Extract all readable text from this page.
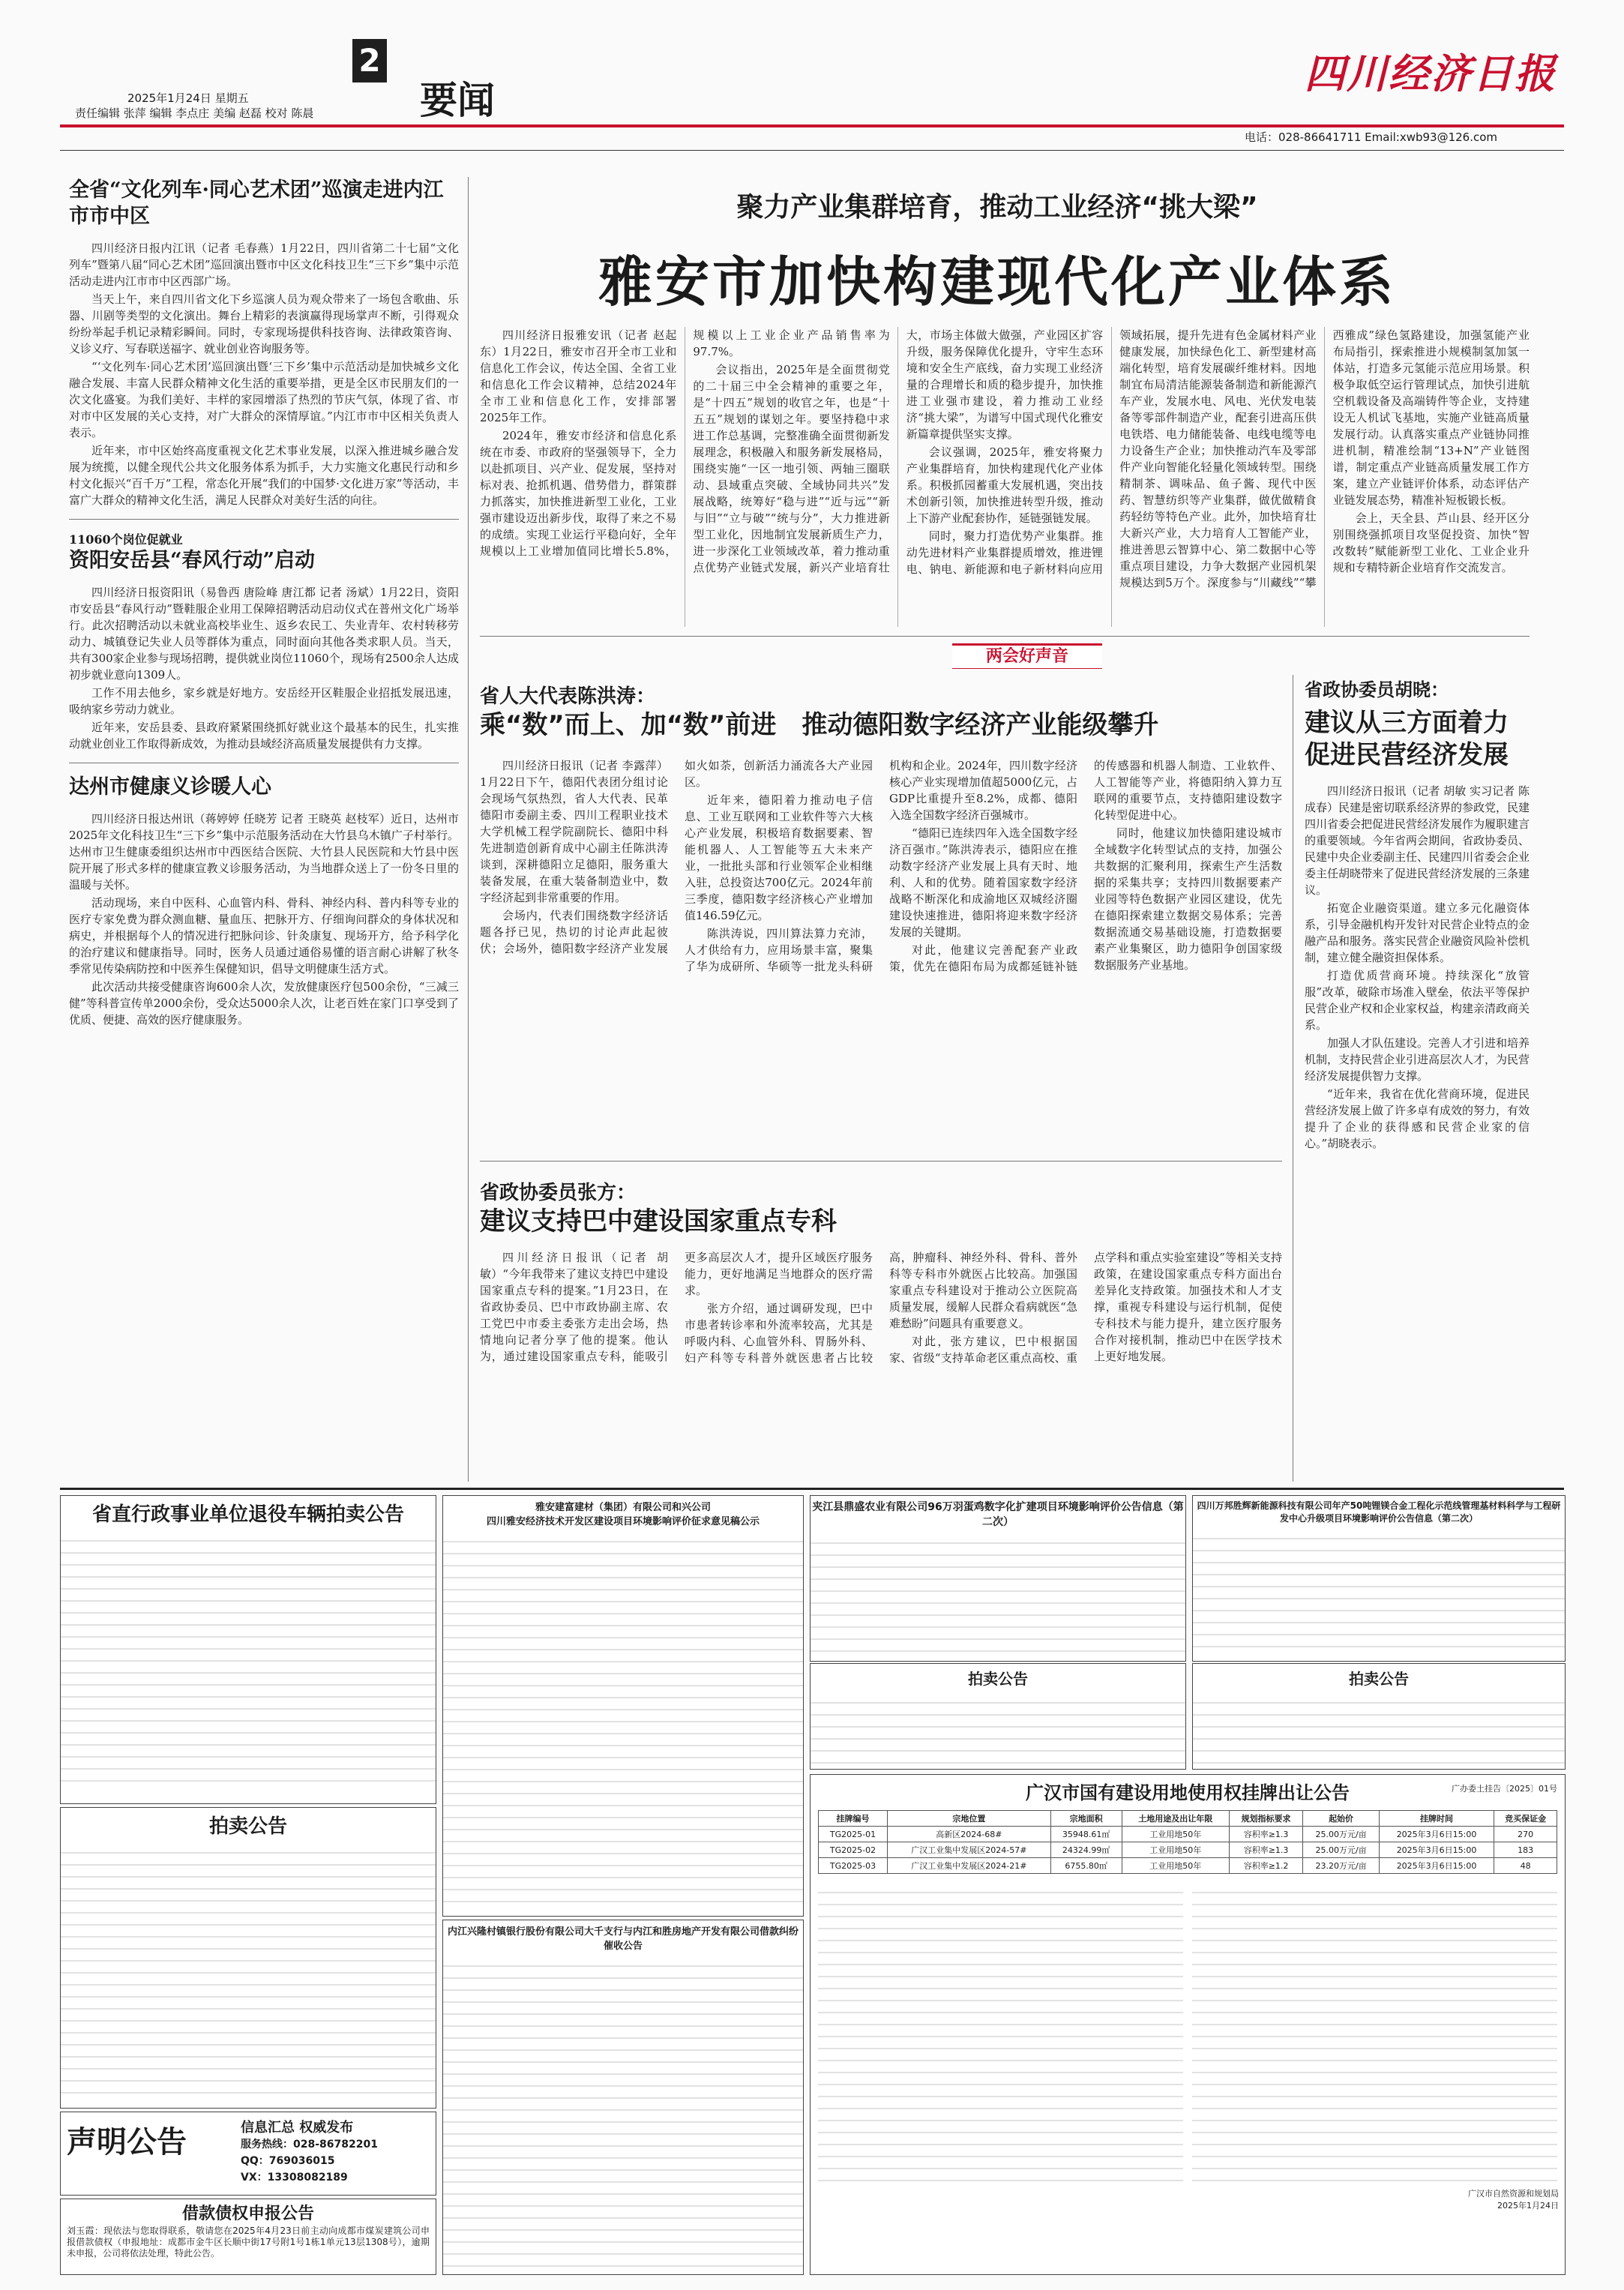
2
2025年1月24日 星期五
责任编辑 张萍 编辑 李点庄 美编 赵磊 校对 陈晨	要闻
四川经济日报
电话：028-86641711 Email:xwb93@126.com
全省“文化列车·同心艺术团”巡演走进内江市市中区

四川经济日报内江讯（记者 毛春燕）1月22日，四川省第二十七届“文化列车”暨第八届“同心艺术团”巡回演出暨市中区文化科技卫生“三下乡”集中示范活动走进内江市市中区西部广场。

当天上午，来自四川省文化下乡巡演人员为观众带来了一场包含歌曲、乐器、川剧等类型的文化演出。舞台上精彩的表演赢得现场掌声不断，引得观众纷纷举起手机记录精彩瞬间。同时，专家现场提供科技咨询、法律政策咨询、义诊义疗、写春联送福字、就业创业咨询服务等。

“‘文化列车·同心艺术团’巡回演出暨‘三下乡’集中示范活动是加快城乡文化融合发展、丰富人民群众精神文化生活的重要举措，更是全区市民朋友们的一次文化盛宴。为我们美好、丰样的家园增添了热烈的节庆气氛，体现了省、市对市中区发展的关心支持，对广大群众的深情厚谊。”内江市市中区相关负责人表示。

近年来，市中区始终高度重视文化艺术事业发展，以深入推进城乡融合发展为统揽，以健全现代公共文化服务体系为抓手，大力实施文化惠民行动和乡村文化振兴“百千万”工程，常态化开展“我们的中国梦·文化进万家”等活动，丰富广大群众的精神文化生活，满足人民群众对美好生活的向往。

11060个岗位促就业
资阳安岳县“春风行动”启动

四川经济日报资阳讯（易鲁西 唐险峰 唐江都 记者 汤斌）1月22日，资阳市安岳县“春风行动”暨鞋服企业用工保障招聘活动启动仪式在普州文化广场举行。此次招聘活动以未就业高校毕业生、返乡农民工、失业青年、农村转移劳动力、城镇登记失业人员等群体为重点，同时面向其他各类求职人员。当天，共有300家企业参与现场招聘，提供就业岗位11060个，现场有2500余人达成初步就业意向1309人。

工作不用去他乡，家乡就是好地方。安岳经开区鞋服企业招抵发展迅速，吸纳家乡劳动力就业。

近年来，安岳县委、县政府紧紧围绕抓好就业这个最基本的民生，扎实推动就业创业工作取得新成效，为推动县域经济高质量发展提供有力支撑。

达州市健康义诊暖人心

四川经济日报达州讯（蒋婷婷 任晓芳 记者 王晓英 赵枝军）近日，达州市2025年文化科技卫生“三下乡”集中示范服务活动在大竹县乌木镇广子村举行。达州市卫生健康委组织达州市中西医结合医院、大竹县人民医院和大竹县中医院开展了形式多样的健康宣教义诊服务活动，为当地群众送上了一份冬日里的温暖与关怀。

活动现场，来自中医科、心血管内科、骨科、神经内科、普内科等专业的医疗专家免费为群众测血糖、量血压、把脉开方、仔细询问群众的身体状况和病史，并根据每个人的情况进行把脉问诊、针灸康复、现场开方，给予科学化的治疗建议和健康指导。同时，医务人员通过通俗易懂的语言耐心讲解了秋冬季常见传染病防控和中医养生保健知识，倡导文明健康生活方式。

此次活动共接受健康咨询600余人次，发放健康医疗包500余份，“三减三健”等科普宣传单2000余份，受众达5000余人次，让老百姓在家门口享受到了优质、便捷、高效的医疗健康服务。

聚力产业集群培育，推动工业经济“挑大梁”
雅安市加快构建现代化产业体系

四川经济日报雅安讯（记者 赵起东）1月22日，雅安市召开全市工业和信息化工作会议，传达全国、全省工业和信息化工作会议精神，总结2024年全市工业和信息化工作，安排部署2025年工作。

2024年，雅安市经济和信息化系统在市委、市政府的坚强领导下，全力以赴抓项目、兴产业、促发展，坚持对标对表、抢抓机遇、借势借力，群策群力抓落实，加快推进新型工业化，工业强市建设迈出新步伐，取得了来之不易的成绩。实现工业运行平稳向好，全年规模以上工业增加值同比增长5.8%，规模以上工业企业产品销售率为97.7%。

会议指出，2025年是全面贯彻党的二十届三中全会精神的重要之年，是“十四五”规划的收官之年，也是“十五五”规划的谋划之年。要坚持稳中求进工作总基调，完整准确全面贯彻新发展理念，积极融入和服务新发展格局，围绕实施“一区一地引领、两轴三圈联动、县域重点突破、全域协同共兴”发展战略，统筹好“稳与进”“近与远”“新与旧”“立与破”“统与分”，大力推进新型工业化，因地制宜发展新质生产力，进一步深化工业领域改革，着力推动重点优势产业链式发展，新兴产业培育壮大，市场主体做大做强，产业园区扩容升级，服务保障优化提升，守牢生态环境和安全生产底线，奋力实现工业经济量的合理增长和质的稳步提升，加快推进工业强市建设，着力推动工业经济“挑大梁”，为谱写中国式现代化雅安新篇章提供坚实支撑。

会议强调，2025年，雅安将聚力产业集群培育，加快构建现代化产业体系。积极抓园蓄重大发展机遇，突出技术创新引领，加快推进转型升级，推动上下游产业配套协作，延链强链发展。

同时，聚力打造优势产业集群。推动先进材料产业集群提质增效，推进锂电、钠电、新能源和电子新材料向应用领域拓展，提升先进有色金属材料产业健康发展，加快绿色化工、新型建材高端化转型，培育发展碳纤维材料。因地制宜布局清洁能源装备制造和新能源汽车产业，发展水电、风电、光伏发电装备等零部件制造产业，配套引进高压供电铁塔、电力储能装备、电线电缆等电力设备生产企业；加快推动汽车及零部件产业向智能化轻量化领域转型。围绕精制茶、调味品、鱼子酱、现代中医药、智慧纺织等产业集群，做优做精食药轻纺等特色产业。此外，加快培育壮大新兴产业，大力培育人工智能产业，推进善思云智算中心、第二数据中心等重点项目建设，力争大数据产业园机架规模达到5万个。深度参与“川藏线”“攀西雅成”绿色氢路建设，加强氢能产业布局指引，探索推进小规模制氢加氢一体站，打造多元氢能示范应用场景。积极争取低空运行管理试点，加快引进航空机载设备及高端铸件等企业，支持建设无人机试飞基地，实施产业链高质量发展行动。认真落实重点产业链协同推进机制，精准绘制“13+N”产业链图谱，制定重点产业链高质量发展工作方案，建立产业链评价体系，动态评估产业链发展态势，精准补短板锻长板。

会上，天全县、芦山县、经开区分别围绕强抓项目攻坚促投资、加快“智改数转”赋能新型工业化、工业企业升规和专精特新企业培育作交流发言。

两会好声音
省人大代表陈洪涛：
乘“数”而上、加“数”前进　推动德阳数字经济产业能级攀升

四川经济日报讯（记者 李露萍）1月22日下午，德阳代表团分组讨论会现场气氛热烈，省人大代表、民革德阳市委副主委、四川工程职业技术大学机械工程学院副院长、德阳中科先进制造创新育成中心副主任陈洪涛谈到，深耕德阳立足德阳，服务重大装备发展，在重大装备制造业中，数字经济起到非常重要的作用。

会场内，代表们围绕数字经济话题各抒已见，热切的讨论声此起彼伏；会场外，德阳数字经济产业发展如火如荼，创新活力涌流各大产业园区。

近年来，德阳着力推动电子信息、工业互联网和工业软件等六大核心产业发展，积极培育数据要素、智能机器人、人工智能等五大未来产业，一批批头部和行业领军企业相继入驻，总投资达700亿元。2024年前三季度，德阳数字经济核心产业增加值146.59亿元。

陈洪涛说，四川算法算力充沛，人才供给有力，应用场景丰富，聚集了华为成研所、华硕等一批龙头科研机构和企业。2024年，四川数字经济核心产业实现增加值超5000亿元，占GDP比重提升至8.2%，成都、德阳入选全国数字经济百强城市。

“德阳已连续四年入选全国数字经济百强市。”陈洪涛表示，德阳应在推动数字经济产业发展上具有天时、地利、人和的优势。随着国家数字经济战略不断深化和成渝地区双城经济圈建设快速推进，德阳将迎来数字经济发展的关键期。

对此，他建议完善配套产业政策，优先在德阳布局为成都延链补链的传感器和机器人制造、工业软件、人工智能等产业，将德阳纳入算力互联网的重要节点，支持德阳建设数字化转型促进中心。

同时，他建议加快德阳建设城市全域数字化转型试点的支持，加强公共数据的汇聚利用，探索生产生活数据的采集共享；支持四川数据要素产业园等特色数据产业园区建设，优先在德阳探索建立数据交易体系；完善数据流通交易基础设施，打造数据要素产业集聚区，助力德阳争创国家级数据服务产业基地。

省政协委员张方：
建议支持巴中建设国家重点专科

四川经济日报讯（记者 胡敏）“今年我带来了建议支持巴中建设国家重点专科的提案。”1月23日，在省政协委员、巴中市政协副主席、农工党巴中市委主委张方走出会场，热情地向记者分享了他的提案。他认为，通过建设国家重点专科，能吸引更多高层次人才，提升区域医疗服务能力，更好地满足当地群众的医疗需求。

张方介绍，通过调研发现，巴中市患者转诊率和外流率较高，尤其是呼吸内科、心血管外科、胃肠外科、妇产科等专科普外就医患者占比较高，肿瘤科、神经外科、骨科、普外科等专科市外就医占比较高。加强国家重点专科建设对于推动公立医院高质量发展，缓解人民群众看病就医“急难愁盼”问题具有重要意义。

对此，张方建议，巴中根据国家、省级“支持革命老区重点高校、重点学科和重点实验室建设”等相关支持政策，在建设国家重点专科方面出台差异化支持政策。加强技术和人才支撑，重视专科建设与运行机制，促使专科技术与能力提升，建立医疗服务合作对接机制，推动巴中在医学技术上更好地发展。

省政协委员胡晓：
建议从三方面着力促进民营经济发展

四川经济日报讯（记者 胡敏 实习记者 陈成春）民建是密切联系经济界的参政党，民建四川省委会把促进民营经济发展作为履职建言的重要领域。今年省两会期间，省政协委员、民建中央企业委副主任、民建四川省委会企业委主任胡晓带来了促进民营经济发展的三条建议。

拓宽企业融资渠道。建立多元化融资体系，引导金融机构开发针对民营企业特点的金融产品和服务。落实民营企业融资风险补偿机制，建立健全融资担保体系。

打造优质营商环境。持续深化“放管服”改革，破除市场准入壁垒，依法平等保护民营企业产权和企业家权益，构建亲清政商关系。

加强人才队伍建设。完善人才引进和培养机制，支持民营企业引进高层次人才，为民营经济发展提供智力支撑。

“近年来，我省在优化营商环境，促进民营经济发展上做了许多卓有成效的努力，有效提升了企业的获得感和民营企业家的信心。”胡晓表示。

省直行政事业单位退役车辆拍卖公告
拍卖公告
声明公告	信息汇总 权威发布
服务热线：028-86782201
QQ：769036015
VX：13308082189
借款债权申报公告
刘玉霞：现依法与您取得联系，敬请您在2025年4月23日前主动向成都市煤炭建筑公司申报借款债权（申报地址：成都市金牛区长顺中街17号附1号1栋1单元13层1308号），逾期未申报，公司将依法处理，特此公告。
雅安建富建材（集团）有限公司和兴公司
四川雅安经济技术开发区建设项目环境影响评价征求意见稿公示
内江兴隆村镇银行股份有限公司大千支行与内江和胜房地产开发有限公司借款纠纷催收公告
夹江县鼎盛农业有限公司96万羽蛋鸡数字化扩建项目环境影响评价公告信息（第二次）
拍卖公告
四川万邦胜辉新能源科技有限公司年产50吨锂镁合金工程化示范线管理基材料科学与工程研发中心升级项目环境影响评价公告信息（第二次）
拍卖公告
广汉市国有建设用地使用权挂牌出让公告	广办委土挂告〔2025〕01号
挂牌编号	宗地位置	宗地面积	土地用途及出让年限	规划指标要求	起始价	挂牌时间	竞买保证金
TG2025-01	高新区2024-68#	35948.61㎡	工业用地50年	容积率≥1.3	25.00万元/亩	2025年3月6日15:00	270
TG2025-02	广汉工业集中发展区2024-57#	24324.99㎡	工业用地50年	容积率≥1.3	25.00万元/亩	2025年3月6日15:00	183
TG2025-03	广汉工业集中发展区2024-21#	6755.80㎡	工业用地50年	容积率≥1.2	23.20万元/亩	2025年3月6日15:00	48
广汉市自然资源和规划局
2025年1月24日
